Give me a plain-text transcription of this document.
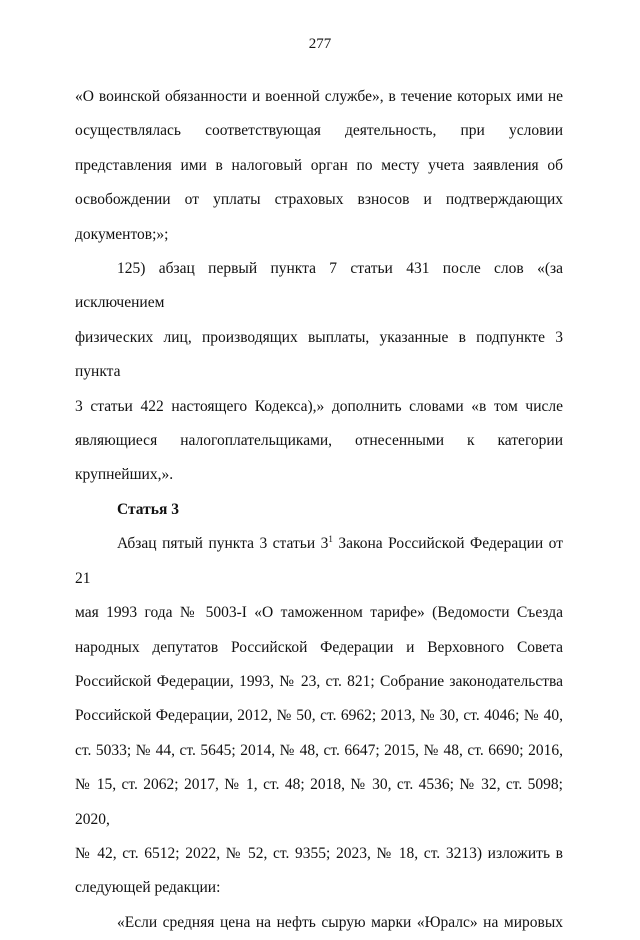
277

«О воинской обязанности и военной службе», в течение которых ими не

осуществлялась соответствующая деятельность, при условии

представления ими в налоговый орган по месту учета заявления об

освобождении от уплаты страховых взносов и подтверждающих

документов;»;

125) абзац первый пункта 7 статьи 431 после слов «(за исключением

физических лиц, производящих выплаты, указанные в подпункте 3 пункта

3 статьи 422 настоящего Кодекса),» дополнить словами «в том числе

являющиеся налогоплательщиками, отнесенными к категории

крупнейших,».

Статья 3

Абзац пятый пункта 3 статьи $3^1$ Закона Российской Федерации от 21

мая 1993 года № 5003-I «О таможенном тарифе» (Ведомости Съезда

народных депутатов Российской Федерации и Верховного Совета

Российской Федерации, 1993, № 23, ст. 821; Собрание законодательства

Российской Федерации, 2012, № 50, ст. 6962; 2013, № 30, ст. 4046; № 40,

ст. 5033; № 44, ст. 5645; 2014, № 48, ст. 6647; 2015, № 48, ст. 6690; 2016,

№ 15, ст. 2062; 2017, № 1, ст. 48; 2018, № 30, ст. 4536; № 32, ст. 5098; 2020,

№ 42, ст. 6512; 2022, № 52, ст. 9355; 2023, № 18, ст. 3213) изложить в

следующей редакции:

«Если средняя цена на нефть сырую марки «Юралс» на мировых
